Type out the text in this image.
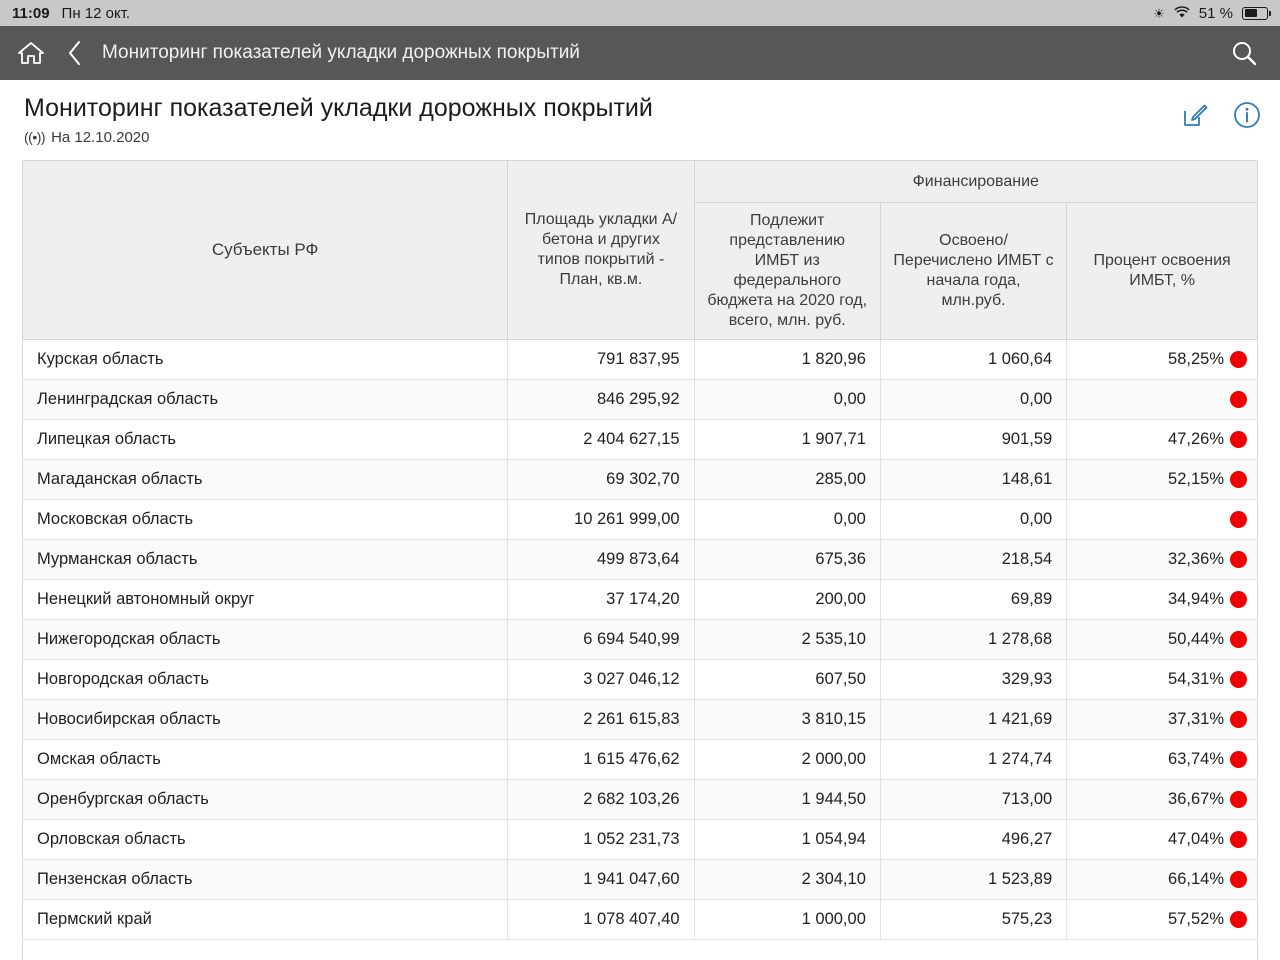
11:09 Пн 12 окт.	☀ 51 %
Мониторинг показателей укладки дорожных покрытий
Мониторинг показателей укладки дорожных покрытий
((•)) На 12.10.2020
Субъекты РФ	Площадь укладки А/бетона и других типов покрытий - План, кв.м.	Финансирование		
		Подлежит представлению ИМБТ из федерального бюджета на 2020 год, всего, млн. руб.	Освоено/ Перечислено ИМБТ с начала года, млн.руб.	Процент освоения ИМБТ, %
Курская область	791 837,95	1 820,96	1 060,64	58,25%

Ленинградская область	846 295,92	0,00	0,00	

Липецкая область	2 404 627,15	1 907,71	901,59	47,26%

Магаданская область	69 302,70	285,00	148,61	52,15%

Московская область	10 261 999,00	0,00	0,00	

Мурманская область	499 873,64	675,36	218,54	32,36%

Ненецкий автономный округ	37 174,20	200,00	69,89	34,94%

Нижегородская область	6 694 540,99	2 535,10	1 278,68	50,44%

Новгородская область	3 027 046,12	607,50	329,93	54,31%

Новосибирская область	2 261 615,83	3 810,15	1 421,69	37,31%

Омская область	1 615 476,62	2 000,00	1 274,74	63,74%

Оренбургская область	2 682 103,26	1 944,50	713,00	36,67%

Орловская область	1 052 231,73	1 054,94	496,27	47,04%

Пензенская область	1 941 047,60	2 304,10	1 523,89	66,14%

Пермский край	1 078 407,40	1 000,00	575,23	57,52%
